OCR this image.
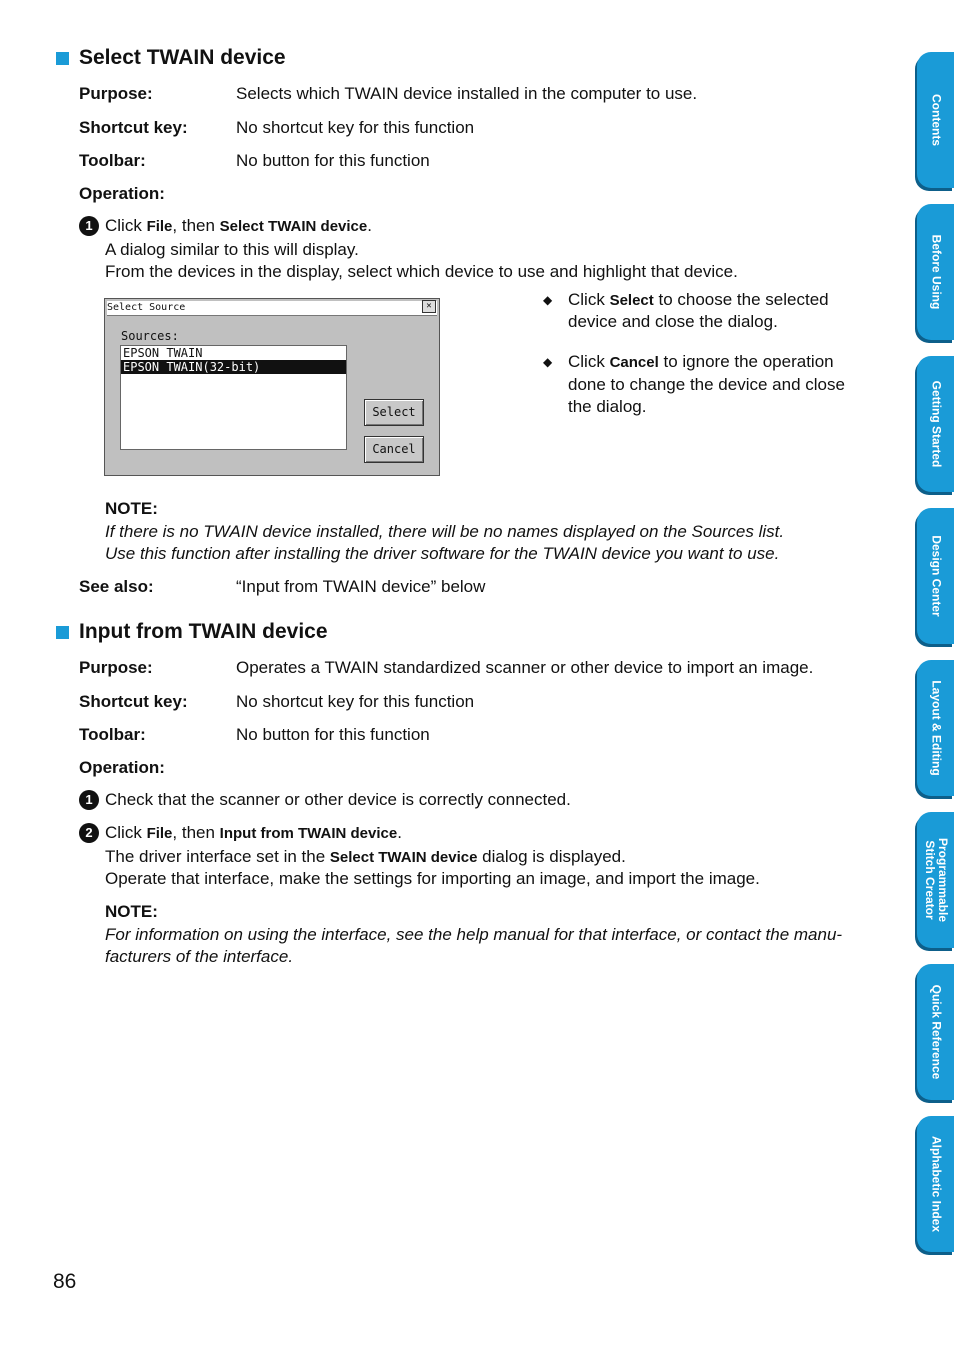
Select TWAIN device
Purpose:	Selects which TWAIN device installed in the computer to use.
Shortcut key:	No shortcut key for this function
Toolbar:	No button for this function
Operation:
1 Click File, then Select TWAIN device.
A dialog similar to this will display.
From the devices in the display, select which device to use and highlight that device.
Select Source	✕
Sources:
EPSON TWAIN
EPSON TWAIN(32-bit)
Select
Cancel
◆ Click Select to choose the selected
device and close the dialog.
◆ Click Cancel to ignore the operation
done to change the device and close
the dialog.
NOTE:
If there is no TWAIN device installed, there will be no names displayed on the Sources list.
Use this function after installing the driver software for the TWAIN device you want to use.
See also:	“Input from TWAIN device” below
Input from TWAIN device
Purpose:	Operates a TWAIN standardized scanner or other device to import an image.
Shortcut key:	No shortcut key for this function
Toolbar:	No button for this function
Operation:
1 Check that the scanner or other device is correctly connected.
2 Click File, then Input from TWAIN device.
The driver interface set in the Select TWAIN device dialog is displayed.
Operate that interface, make the settings for importing an image, and import the image.
NOTE:
For information on using the interface, see the help manual for that interface, or contact the manu-
facturers of the interface.
Contents
Before Using
Getting Started
Design Center
Layout & Editing
Programmable Stitch Creator
Quick Reference
Alphabetic Index
86
